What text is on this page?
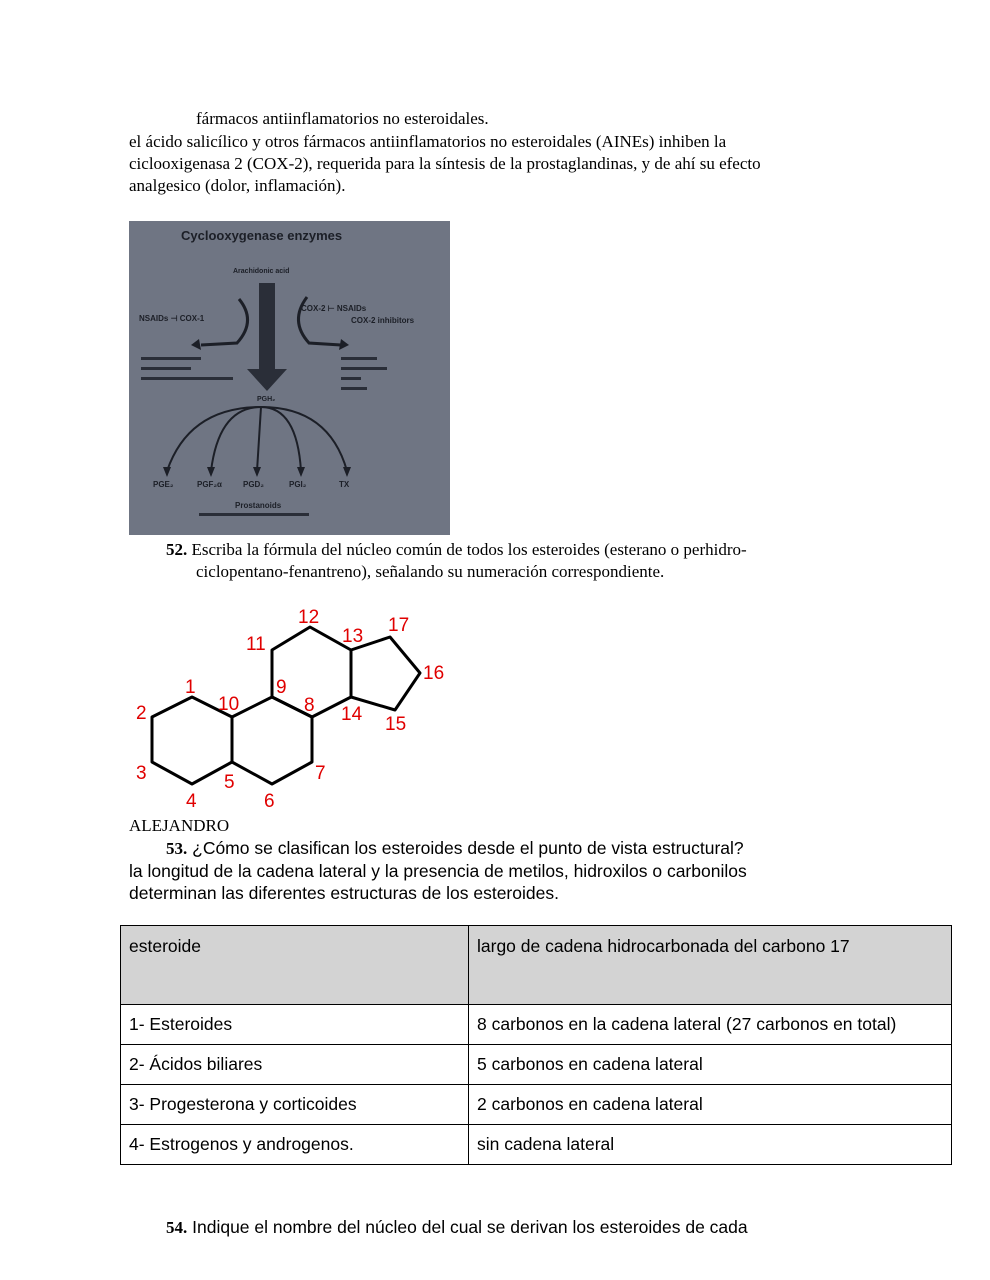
fármacos antiinflamatorios no esteroidales.
el ácido salicílico y otros fármacos antiinflamatorios no esteroidales (AINEs) inhiben la
ciclooxigenasa 2 (COX-2), requerida para la síntesis de la prostaglandinas, y de ahí su efecto
analgesico (dolor, inflamación).
Cyclooxygenase enzymes
Arachidonic acid
NSAIDs ⊣ COX-1
COX-2 ⊢ NSAIDs
COX-2 inhibitors
PGH₂
PGE₂	PGF₂α	PGD₂	PGI₂	TX
Prostanoids
52. Escriba la fórmula del núcleo común de todos los esteroides (esterano o perhidro-
ciclopentano-fenantreno), señalando su numeración correspondiente.
1
2
3
4
5
6
7
8
9
10
11
12
13
14 15
16
17
ALEJANDRO
53. ¿Cómo se clasifican los esteroides desde el punto de vista estructural?
la longitud de la cadena lateral y la presencia de metilos, hidroxilos o carbonilos
determinan las diferentes estructuras de los esteroides.
esteroide	largo de cadena hidrocarbonada del carbono 17
1- Esteroides	8 carbonos en la cadena lateral (27 carbonos en total)
2- Ácidos biliares	5 carbonos en cadena lateral
3- Progesterona y corticoides	2 carbonos en cadena lateral
4- Estrogenos y androgenos.	sin cadena lateral
54. Indique el nombre del núcleo del cual se derivan los esteroides de cada
